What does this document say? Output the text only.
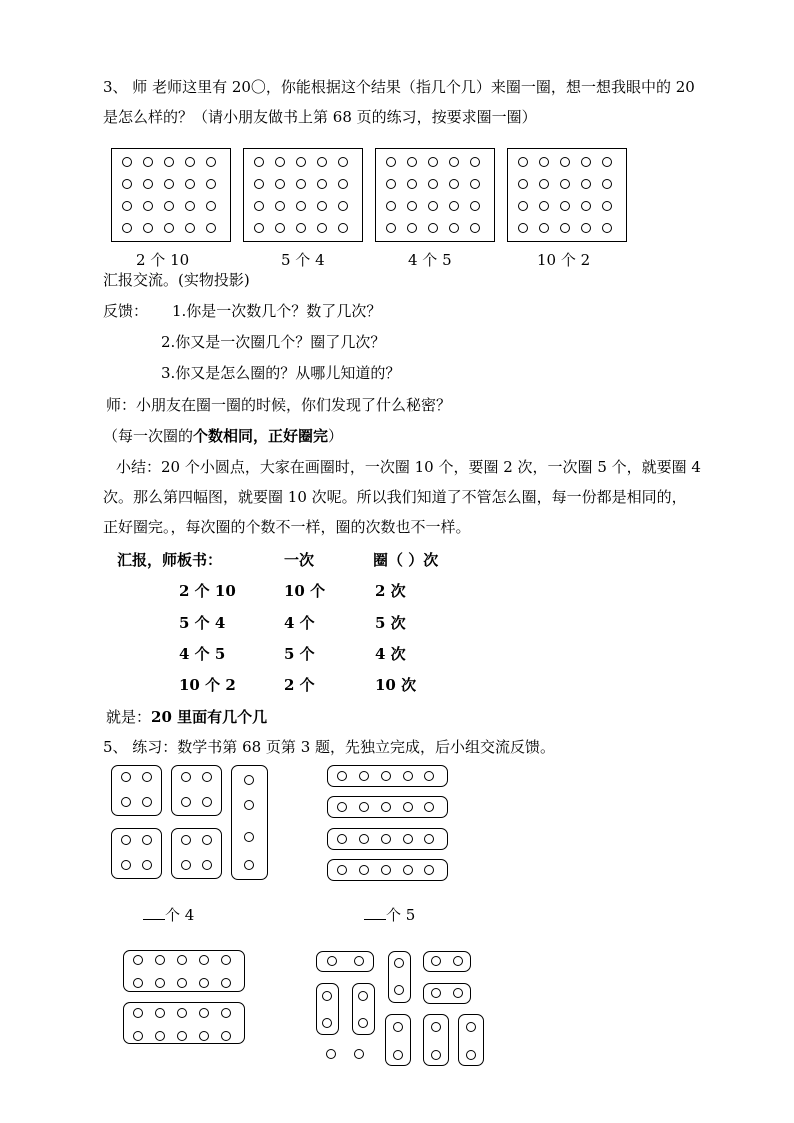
3、 师 老师这里有 20〇，你能根据这个结果（指几个几）来圈一圈，想一想我眼中的 20
是怎么样的？（请小朋友做书上第 68 页的练习，按要求圈一圈）
2 个 10	5 个 4	4 个 5	10 个 2
汇报交流。(实物投影)
反馈： 1.你是一次数几个？数了几次？
2.你又是一次圈几个？圈了几次？
3.你又是怎么圈的？从哪儿知道的？
师：小朋友在圈一圈的时候，你们发现了什么秘密？
（每一次圈的个数相同，正好圈完）
小结：20 个小圆点，大家在画圈时，一次圈 10 个，要圈 2 次，一次圈 5 个，就要圈 4
次。那么第四幅图，就要圈 10 次呢。所以我们知道了不管怎么圈，每一份都是相同的，
正好圈完。，每次圈的个数不一样，圈的次数也不一样。
汇报，师板书：	一次	圈（ ）次
2 个 10	10 个	2 次
5 个 4	4 个	5 次
4 个 5	5 个	4 次
10 个 2	2 个	10 次
就是：20 里面有几个几
5、 练习：数学书第 68 页第 3 题，先独立完成，后小组交流反馈。
个 4	个 5
